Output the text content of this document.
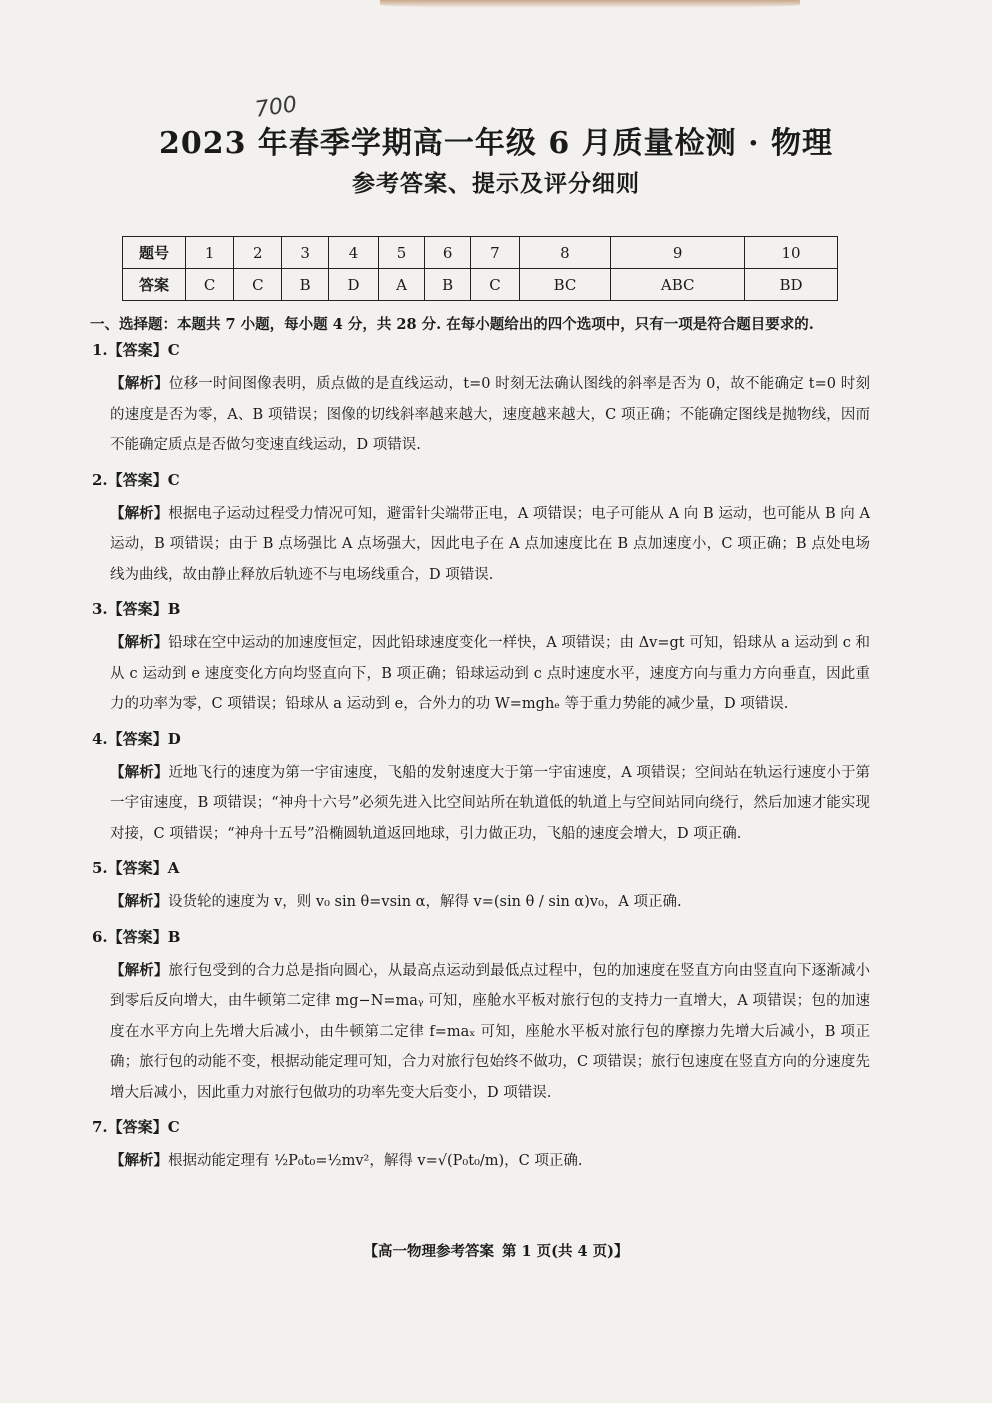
700
2023 年春季学期高一年级 6 月质量检测 · 物理
参考答案、提示及评分细则
题号	1	2	3	4	5	6	7	8	9	10
答案	C	C	B	D	A	B	C	BC	ABC	BD
一、选择题：本题共 7 小题，每小题 4 分，共 28 分. 在每小题给出的四个选项中，只有一项是符合题目要求的.

1.【答案】C

【解析】位移一时间图像表明，质点做的是直线运动，t=0 时刻无法确认图线的斜率是否为 0，故不能确定 t=0 时刻的速度是否为零，A、B 项错误；图像的切线斜率越来越大，速度越来越大，C 项正确；不能确定图线是抛物线，因而不能确定质点是否做匀变速直线运动，D 项错误.

2.【答案】C

【解析】根据电子运动过程受力情况可知，避雷针尖端带正电，A 项错误；电子可能从 A 向 B 运动，也可能从 B 向 A 运动，B 项错误；由于 B 点场强比 A 点场强大，因此电子在 A 点加速度比在 B 点加速度小，C 项正确；B 点处电场线为曲线，故由静止释放后轨迹不与电场线重合，D 项错误.

3.【答案】B

【解析】铅球在空中运动的加速度恒定，因此铅球速度变化一样快，A 项错误；由 Δv=gt 可知，铅球从 a 运动到 c 和从 c 运动到 e 速度变化方向均竖直向下，B 项正确；铅球运动到 c 点时速度水平，速度方向与重力方向垂直，因此重力的功率为零，C 项错误；铅球从 a 运动到 e，合外力的功 W=mghₑ 等于重力势能的减少量，D 项错误.

4.【答案】D

【解析】近地飞行的速度为第一宇宙速度，飞船的发射速度大于第一宇宙速度，A 项错误；空间站在轨运行速度小于第一宇宙速度，B 项错误；“神舟十六号”必须先进入比空间站所在轨道低的轨道上与空间站同向绕行，然后加速才能实现对接，C 项错误；“神舟十五号”沿椭圆轨道返回地球，引力做正功，飞船的速度会增大，D 项正确.

5.【答案】A

【解析】设货轮的速度为 v，则 v₀ sin θ=vsin α，解得 v=(sin θ / sin α)v₀，A 项正确.

6.【答案】B

【解析】旅行包受到的合力总是指向圆心，从最高点运动到最低点过程中，包的加速度在竖直方向由竖直向下逐渐减小到零后反向增大，由牛顿第二定律 mg−N=maᵧ 可知，座舱水平板对旅行包的支持力一直增大，A 项错误；包的加速度在水平方向上先增大后减小，由牛顿第二定律 f=maₓ 可知，座舱水平板对旅行包的摩擦力先增大后减小，B 项正确；旅行包的动能不变，根据动能定理可知，合力对旅行包始终不做功，C 项错误；旅行包速度在竖直方向的分速度先增大后减小，因此重力对旅行包做功的功率先变大后变小，D 项错误.

7.【答案】C

【解析】根据动能定理有 ½P₀t₀=½mv²，解得 v=√(P₀t₀/m)，C 项正确.

【高一物理参考答案 第 1 页(共 4 页)】
